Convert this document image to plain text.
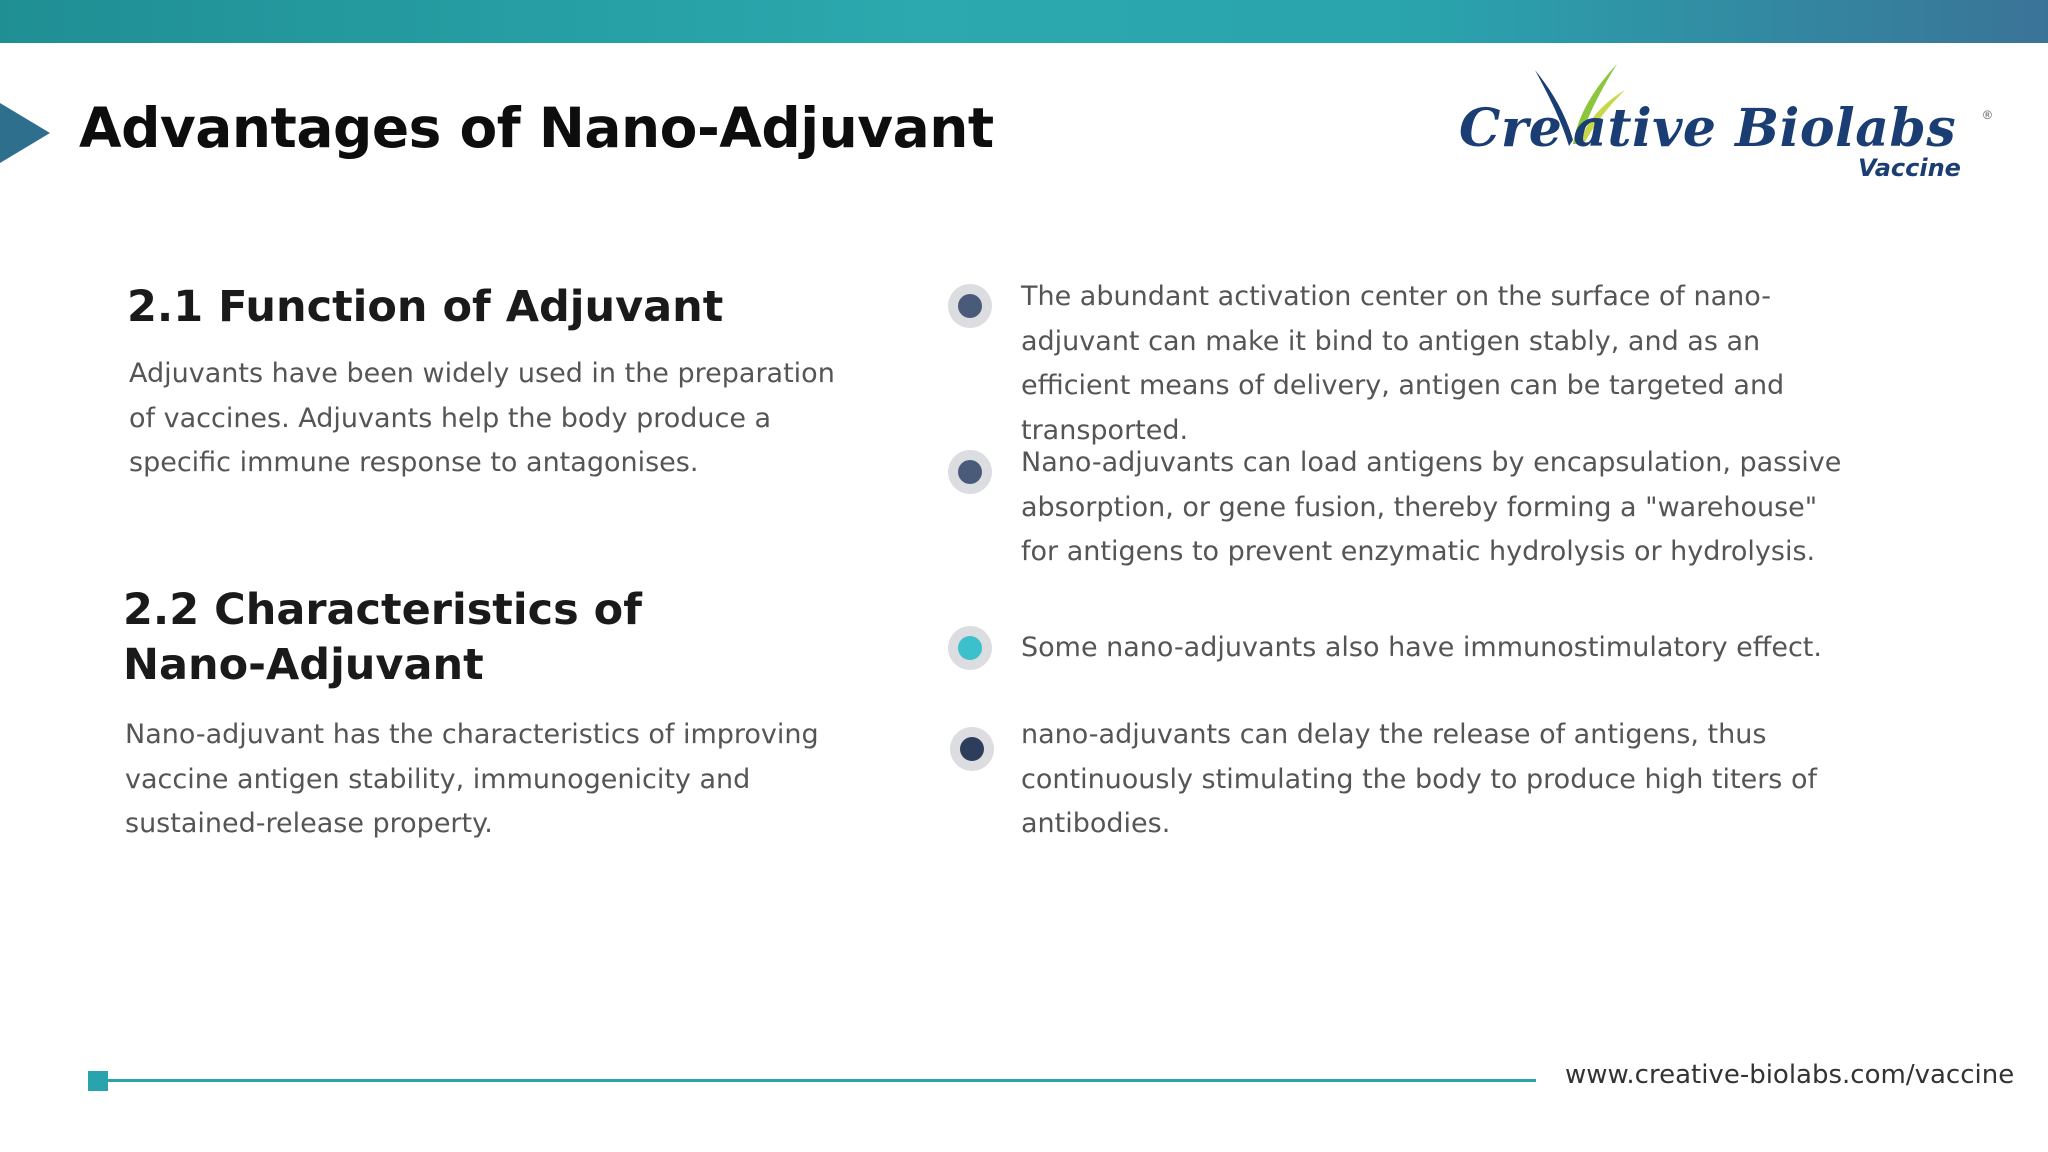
Advantages of Nano-Adjuvant	Cre ative Biolabs
Vaccine
®
2.1 Function of Adjuvant

Adjuvants have been widely used in the preparation of vaccines. Adjuvants help the body produce a specific immune response to antagonises.

2.2 Characteristics of Nano-Adjuvant

Nano-adjuvant has the characteristics of improving vaccine antigen stability, immunogenicity and sustained-release property.

The abundant activation center on the surface of nano-adjuvant can make it bind to antigen stably, and as an efficient means of delivery, antigen can be targeted and transported.

Nano-adjuvants can load antigens by encapsulation, passive absorption, or gene fusion, thereby forming a "warehouse" for antigens to prevent enzymatic hydrolysis or hydrolysis.

Some nano-adjuvants also have immunostimulatory effect.

nano-adjuvants can delay the release of antigens, thus continuously stimulating the body to produce high titers of antibodies.

www.creative-biolabs.com/vaccine
